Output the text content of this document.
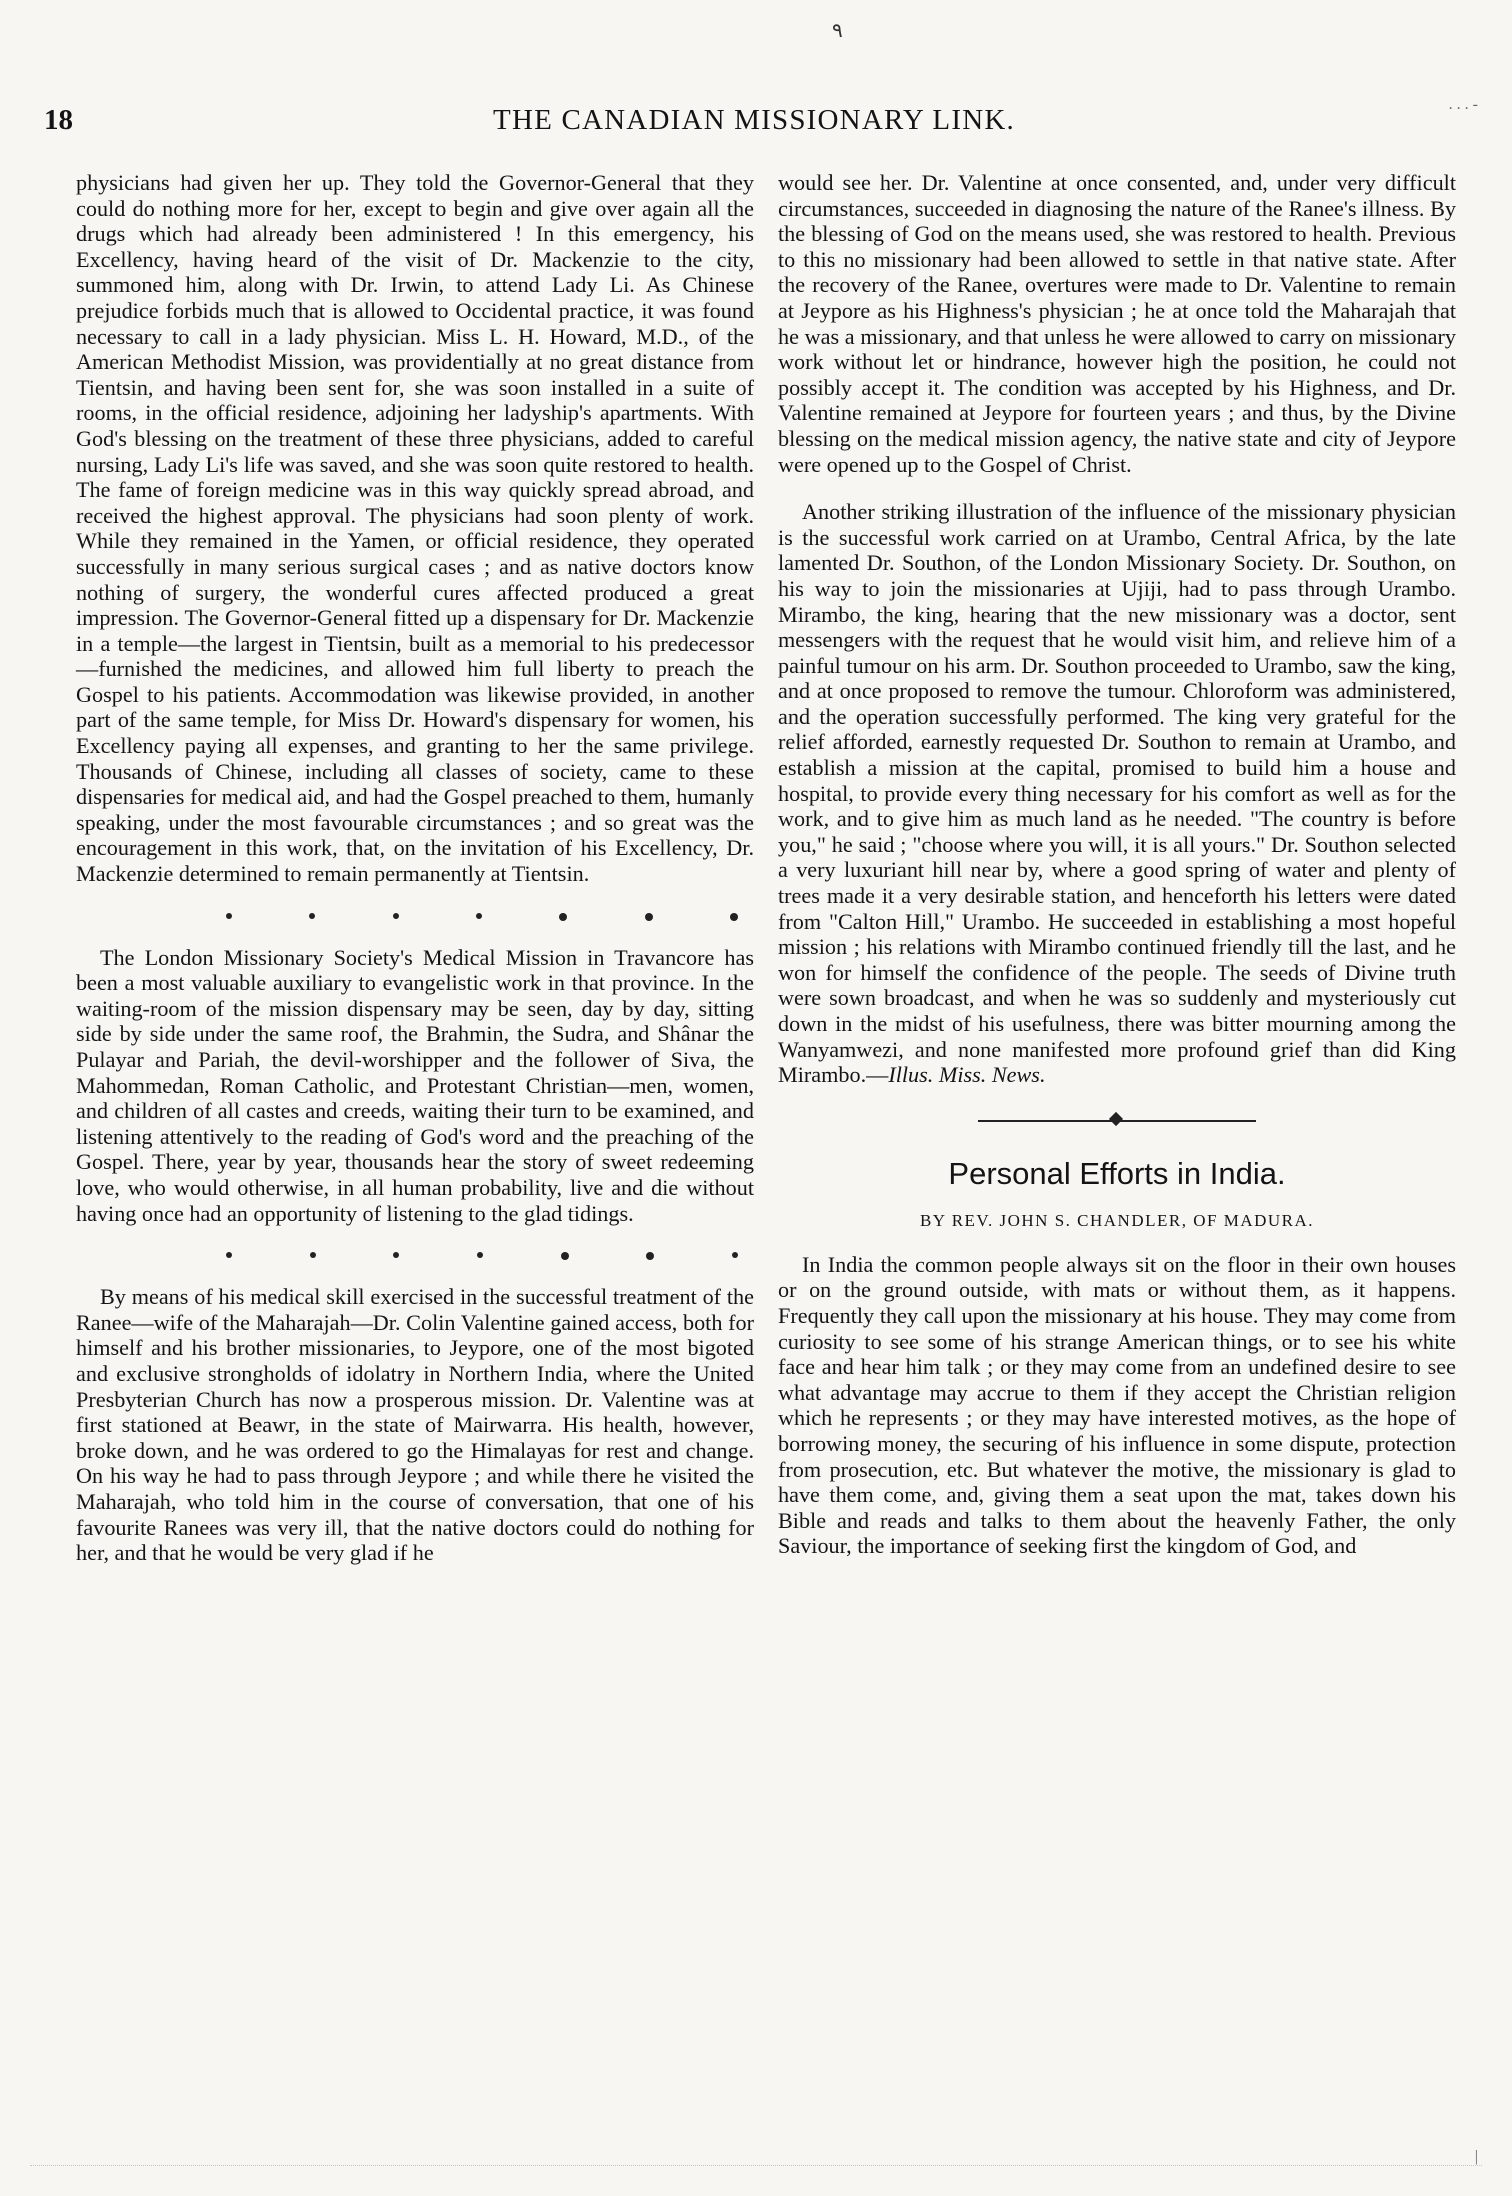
٩
. . . -
|
18	THE CANADIAN MISSIONARY LINK.

physicians had given her up. They told the Governor-General that they could do nothing more for her, except to begin and give over again all the drugs which had already been administered ! In this emergency, his Excellency, having heard of the visit of Dr. Mackenzie to the city, summoned him, along with Dr. Irwin, to attend Lady Li. As Chinese prejudice forbids much that is allowed to Occidental practice, it was found necessary to call in a lady physician. Miss L. H. Howard, M.D., of the American Methodist Mission, was providentially at no great distance from Tientsin, and having been sent for, she was soon installed in a suite of rooms, in the official residence, adjoining her ladyship's apartments. With God's blessing on the treatment of these three physicians, added to careful nursing, Lady Li's life was saved, and she was soon quite restored to health. The fame of foreign medicine was in this way quickly spread abroad, and received the highest approval. The physicians had soon plenty of work. While they remained in the Yamen, or official residence, they operated successfully in many serious surgical cases ; and as native doctors know nothing of surgery, the wonderful cures affected produced a great impression. The Governor-General fitted up a dispensary for Dr. Mackenzie in a temple—the largest in Tientsin, built as a memorial to his predecessor—furnished the medicines, and allowed him full liberty to preach the Gospel to his patients. Accommodation was likewise provided, in another part of the same temple, for Miss Dr. Howard's dispensary for women, his Excellency paying all expenses, and granting to her the same privilege. Thousands of Chinese, including all classes of society, came to these dispensaries for medical aid, and had the Gospel preached to them, humanly speaking, under the most favourable circumstances ; and so great was the encouragement in this work, that, on the invitation of his Excellency, Dr. Mackenzie determined to remain permanently at Tientsin.

The London Missionary Society's Medical Mission in Travancore has been a most valuable auxiliary to evangelistic work in that province. In the waiting-room of the mission dispensary may be seen, day by day, sitting side by side under the same roof, the Brahmin, the Sudra, and Shânar the Pulayar and Pariah, the devil-worshipper and the follower of Siva, the Mahommedan, Roman Catholic, and Protestant Christian—men, women, and children of all castes and creeds, waiting their turn to be examined, and listening attentively to the reading of God's word and the preaching of the Gospel. There, year by year, thousands hear the story of sweet redeeming love, who would otherwise, in all human probability, live and die without having once had an opportunity of listening to the glad tidings.

By means of his medical skill exercised in the successful treatment of the Ranee—wife of the Maharajah—Dr. Colin Valentine gained access, both for himself and his brother missionaries, to Jeypore, one of the most bigoted and exclusive strongholds of idolatry in Northern India, where the United Presbyterian Church has now a prosperous mission. Dr. Valentine was at first stationed at Beawr, in the state of Mairwarra. His health, however, broke down, and he was ordered to go the Himalayas for rest and change. On his way he had to pass through Jeypore ; and while there he visited the Maharajah, who told him in the course of conversation, that one of his favourite Ranees was very ill, that the native doctors could do nothing for her, and that he would be very glad if he

would see her. Dr. Valentine at once consented, and, under very difficult circumstances, succeeded in diagnosing the nature of the Ranee's illness. By the blessing of God on the means used, she was restored to health. Previous to this no missionary had been allowed to settle in that native state. After the recovery of the Ranee, overtures were made to Dr. Valentine to remain at Jeypore as his Highness's physician ; he at once told the Maharajah that he was a missionary, and that unless he were allowed to carry on missionary work without let or hindrance, however high the position, he could not possibly accept it. The condition was accepted by his Highness, and Dr. Valentine remained at Jeypore for fourteen years ; and thus, by the Divine blessing on the medical mission agency, the native state and city of Jeypore were opened up to the Gospel of Christ.

Another striking illustration of the influence of the missionary physician is the successful work carried on at Urambo, Central Africa, by the late lamented Dr. Southon, of the London Missionary Society. Dr. Southon, on his way to join the missionaries at Ujiji, had to pass through Urambo. Mirambo, the king, hearing that the new missionary was a doctor, sent messengers with the request that he would visit him, and relieve him of a painful tumour on his arm. Dr. Southon proceeded to Urambo, saw the king, and at once proposed to remove the tumour. Chloroform was administered, and the operation successfully performed. The king very grateful for the relief afforded, earnestly requested Dr. Southon to remain at Urambo, and establish a mission at the capital, promised to build him a house and hospital, to provide every thing necessary for his comfort as well as for the work, and to give him as much land as he needed. "The country is before you," he said ; "choose where you will, it is all yours." Dr. Southon selected a very luxuriant hill near by, where a good spring of water and plenty of trees made it a very desirable station, and henceforth his letters were dated from "Calton Hill," Urambo. He succeeded in establishing a most hopeful mission ; his relations with Mirambo continued friendly till the last, and he won for himself the confidence of the people. The seeds of Divine truth were sown broadcast, and when he was so suddenly and mysteriously cut down in the midst of his usefulness, there was bitter mourning among the Wanyamwezi, and none manifested more profound grief than did King Mirambo.—Illus. Miss. News.

Personal Efforts in India.
BY REV. JOHN S. CHANDLER, OF MADURA.

In India the common people always sit on the floor in their own houses or on the ground outside, with mats or without them, as it happens. Frequently they call upon the missionary at his house. They may come from curiosity to see some of his strange American things, or to see his white face and hear him talk ; or they may come from an undefined desire to see what advantage may accrue to them if they accept the Christian religion which he represents ; or they may have interested motives, as the hope of borrowing money, the securing of his influence in some dispute, protection from prosecution, etc. But whatever the motive, the missionary is glad to have them come, and, giving them a seat upon the mat, takes down his Bible and reads and talks to them about the heavenly Father, the only Saviour, the importance of seeking first the kingdom of God, and
